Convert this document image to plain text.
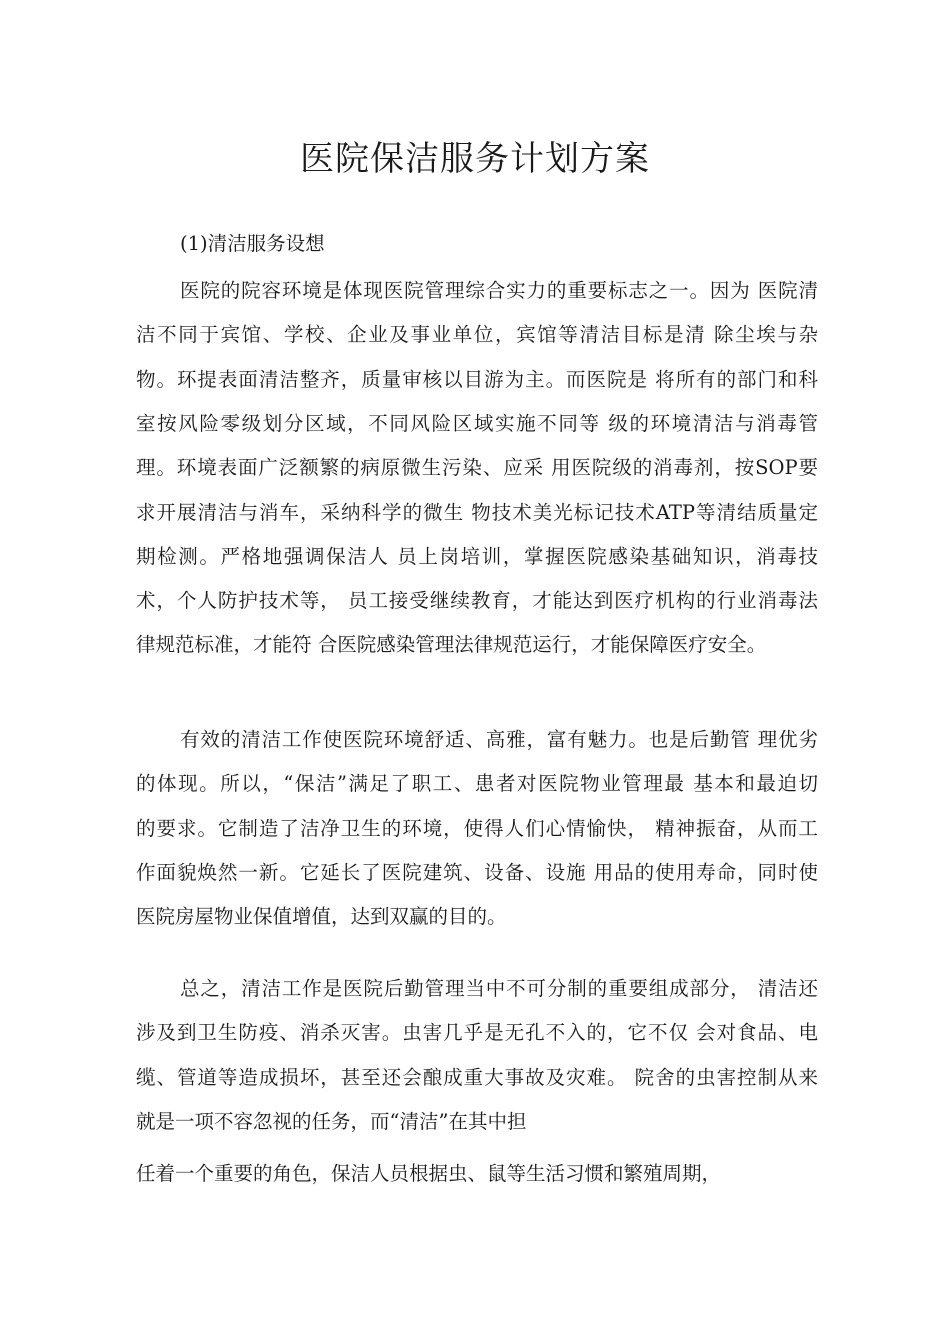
医院保洁服务计划方案

(1)清洁服务设想

医院的院容环境是体现医院管理综合实力的重要标志之一。因为 医院清

洁不同于宾馆、学校、企业及事业单位，宾馆等清洁目标是清 除尘埃与杂

物。环提表面清洁整齐，质量审核以目游为主。而医院是 将所有的部门和科

室按风险零级划分区域，不同风险区域实施不同等 级的环境清洁与消毒管

理。环境表面广泛额繁的病原微生污染、应采 用医院级的消毒剂，按SOP要

求开展清洁与消车，采纳科学的微生 物技术美光标记技术ATP等清结质量定

期检测。严格地强调保洁人 员上岗培训，掌握医院感染基础知识，消毒技

术，个人防护技术等， 员工接受继续教育，才能达到医疗机构的行业消毒法

律规范标准，才能符 合医院感染管理法律规范运行，才能保障医疗安全。

有效的清洁工作使医院环境舒适、高雅，富有魅力。也是后勤管 理优劣

的体现。所以，“保洁”满足了职工、患者对医院物业管理最 基本和最迫切

的要求。它制造了洁净卫生的环境，使得人们心情愉快， 精神振奋，从而工

作面貌焕然一新。它延长了医院建筑、设备、设施 用品的使用寿命，同时使

医院房屋物业保值增值，达到双赢的目的。

总之，清洁工作是医院后勤管理当中不可分制的重要组成部分， 清洁还

涉及到卫生防疫、消杀灭害。虫害几乎是无孔不入的，它不仅 会对食品、电

缆、管道等造成损坏，甚至还会酿成重大事故及灾难。 院舍的虫害控制从来

就是一项不容忽视的任务，而“清洁”在其中担

任着一个重要的角色，保洁人员根据虫、鼠等生活习惯和繁殖周期，
